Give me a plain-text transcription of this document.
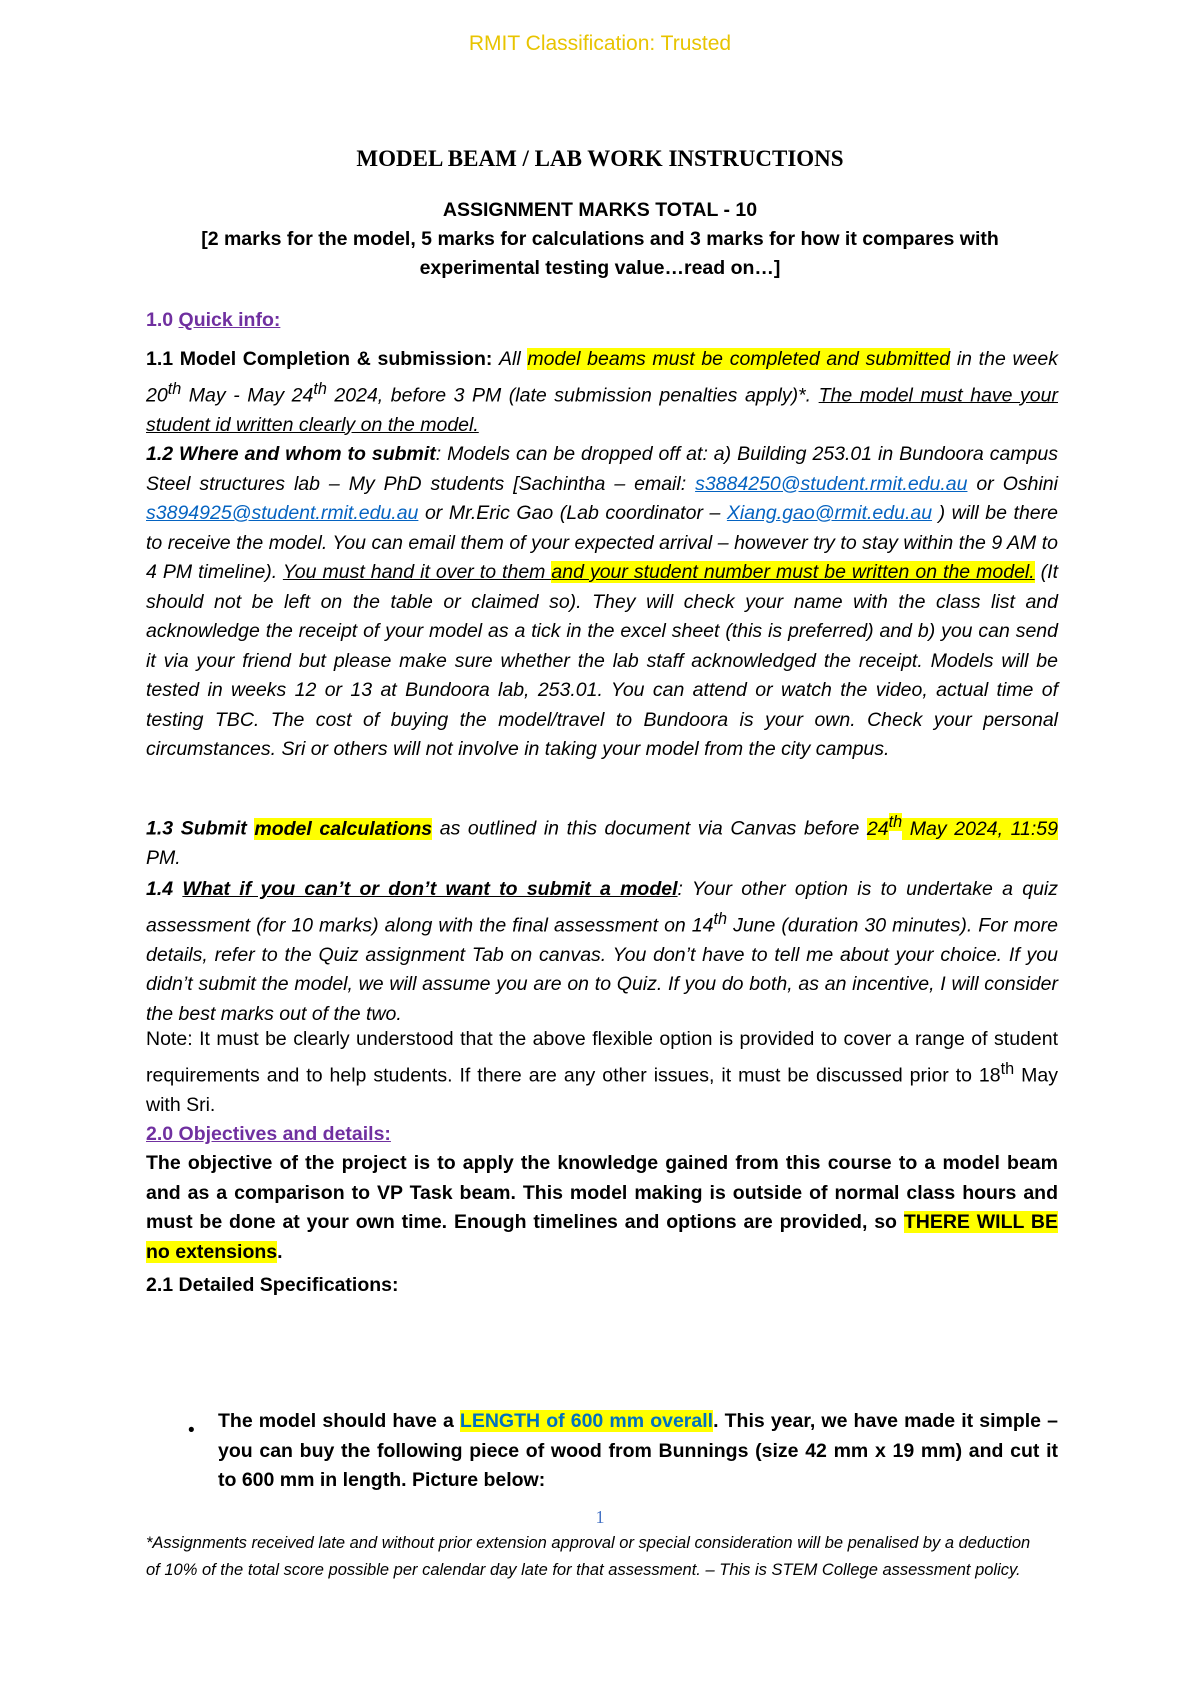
RMIT Classification: Trusted
MODEL BEAM / LAB WORK INSTRUCTIONS
ASSIGNMENT MARKS TOTAL - 10
[2 marks for the model, 5 marks for calculations and 3 marks for how it compares with
experimental testing value…read on…]
1.0 Quick info:

1.1 Model Completion & submission: All model beams must be completed and submitted in the week 20th May - May 24th 2024, before 3 PM (late submission penalties apply)*. The model must have your student id written clearly on the model.

1.2 Where and whom to submit: Models can be dropped off at: a) Building 253.01 in Bundoora campus Steel structures lab – My PhD students [Sachintha – email: s3884250@student.rmit.edu.au or Oshini s3894925@student.rmit.edu.au or Mr.Eric Gao (Lab coordinator – Xiang.gao@rmit.edu.au ) will be there to receive the model. You can email them of your expected arrival – however try to stay within the 9 AM to 4 PM timeline). You must hand it over to them and your student number must be written on the model. (It should not be left on the table or claimed so). They will check your name with the class list and acknowledge the receipt of your model as a tick in the excel sheet (this is preferred) and b) you can send it via your friend but please make sure whether the lab staff acknowledged the receipt. Models will be tested in weeks 12 or 13 at Bundoora lab, 253.01. You can attend or watch the video, actual time of testing TBC. The cost of buying the model/travel to Bundoora is your own. Check your personal circumstances. Sri or others will not involve in taking your model from the city campus.

1.3 Submit model calculations as outlined in this document via Canvas before 24th May 2024, 11:59 PM.

1.4 What if you can’t or don’t want to submit a model: Your other option is to undertake a quiz assessment (for 10 marks) along with the final assessment on 14th June (duration 30 minutes). For more details, refer to the Quiz assignment Tab on canvas. You don’t have to tell me about your choice. If you didn’t submit the model, we will assume you are on to Quiz. If you do both, as an incentive, I will consider the best marks out of the two.

Note: It must be clearly understood that the above flexible option is provided to cover a range of student requirements and to help students. If there are any other issues, it must be discussed prior to 18th May with Sri.

2.0 Objectives and details:

The objective of the project is to apply the knowledge gained from this course to a model beam and as a comparison to VP Task beam. This model making is outside of normal class hours and must be done at your own time. Enough timelines and options are provided, so THERE WILL BE no extensions.

2.1 Detailed Specifications:
• The model should have a LENGTH of 600 mm overall. This year, we have made it simple – you can buy the following piece of wood from Bunnings (size 42 mm x 19 mm) and cut it to 600 mm in length. Picture below:
1
*Assignments received late and without prior extension approval or special consideration will be penalised by a deduction of 10% of the total score possible per calendar day late for that assessment. – This is STEM College assessment policy.
